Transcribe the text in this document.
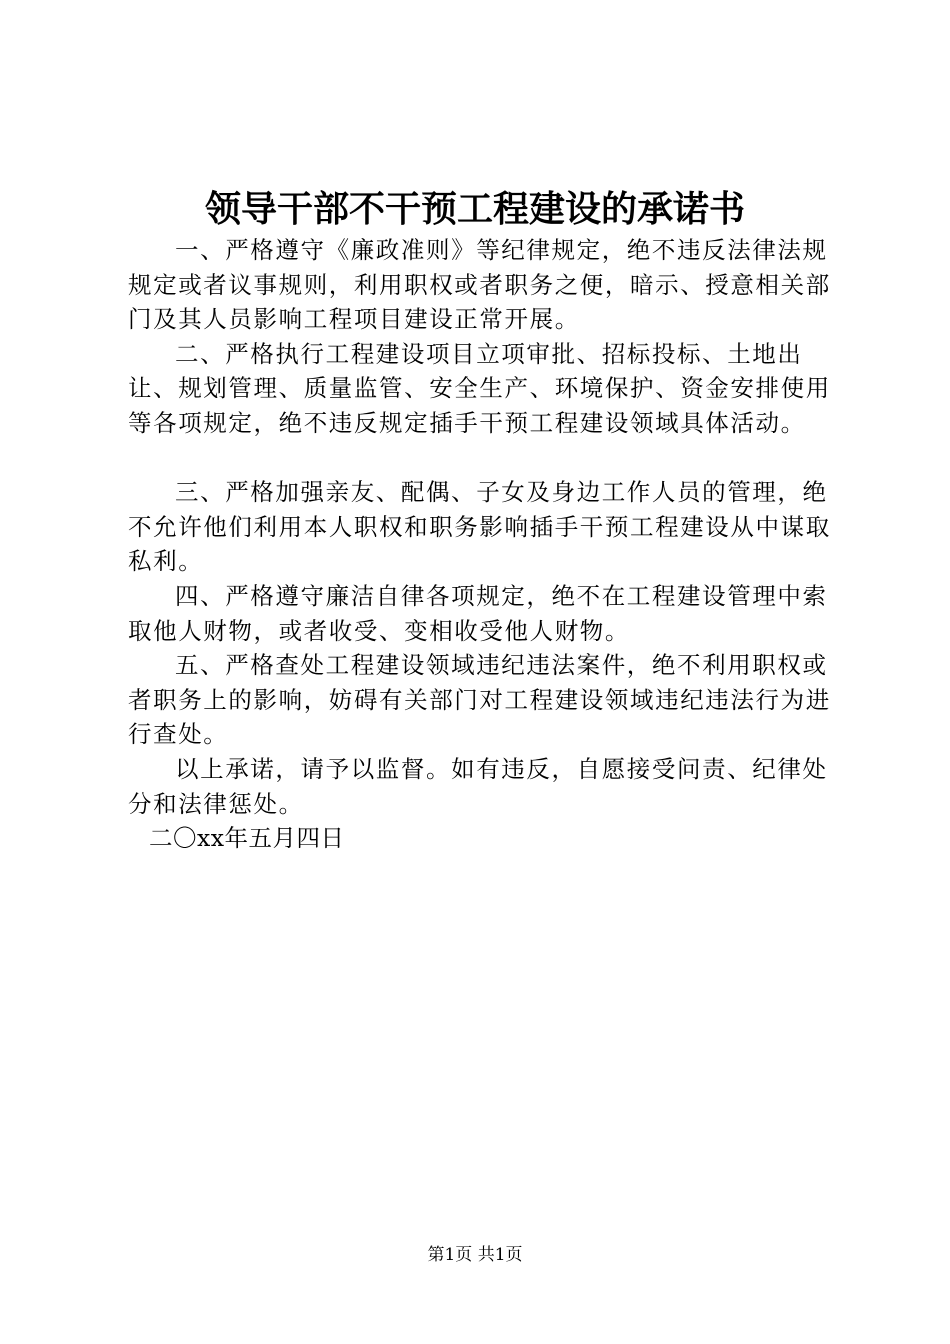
领导干部不干预工程建设的承诺书

一、严格遵守《廉政准则》等纪律规定，绝不违反法律法规规定或者议事规则，利用职权或者职务之便，暗示、授意相关部门及其人员影响工程项目建设正常开展。

二、严格执行工程建设项目立项审批、招标投标、土地出让、规划管理、质量监管、安全生产、环境保护、资金安排使用等各项规定，绝不违反规定插手干预工程建设领域具体活动。

三、严格加强亲友、配偶、子女及身边工作人员的管理，绝不允许他们利用本人职权和职务影响插手干预工程建设从中谋取私利。

四、严格遵守廉洁自律各项规定，绝不在工程建设管理中索取他人财物，或者收受、变相收受他人财物。

五、严格查处工程建设领域违纪违法案件，绝不利用职权或者职务上的影响，妨碍有关部门对工程建设领域违纪违法行为进行查处。

以上承诺，请予以监督。如有违反，自愿接受问责、纪律处分和法律惩处。

二〇xx年五月四日

第1页 共1页
